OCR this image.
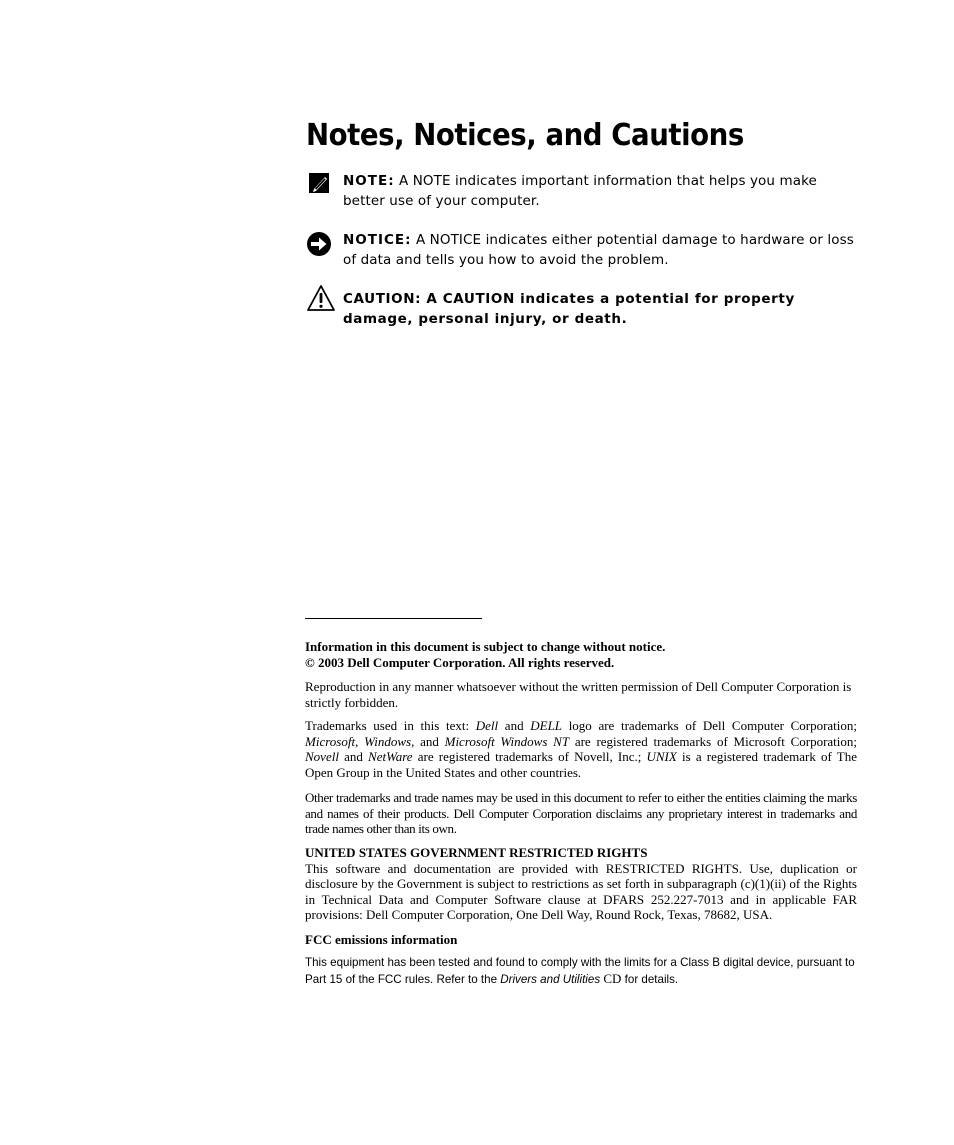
Notes, Notices, and Cautions
NOTE: A NOTE indicates important information that helps you make better use of your computer.
NOTICE: A NOTICE indicates either potential damage to hardware or loss of data and tells you how to avoid the problem.
CAUTION: A CAUTION indicates a potential for property damage, personal injury, or death.

Information in this document is subject to change without notice.

© 2003 Dell Computer Corporation. All rights reserved.

Reproduction in any manner whatsoever without the written permission of Dell Computer Corporation is strictly forbidden.

Trademarks used in this text: Dell and DELL logo are trademarks of Dell Computer Corporation; Microsoft, Windows, and Microsoft Windows NT are registered trademarks of Microsoft Corporation; Novell and NetWare are registered trademarks of Novell, Inc.; UNIX is a registered trademark of The Open Group in the United States and other countries.

Other trademarks and trade names may be used in this document to refer to either the entities claiming the marks and names of their products. Dell Computer Corporation disclaims any proprietary interest in trademarks and trade names other than its own.

UNITED STATES GOVERNMENT RESTRICTED RIGHTS

This software and documentation are provided with RESTRICTED RIGHTS. Use, duplication or disclosure by the Government is subject to restrictions as set forth in subparagraph (c)(1)(ii) of the Rights in Technical Data and Computer Software clause at DFARS 252.227-7013 and in applicable FAR provisions: Dell Computer Corporation, One Dell Way, Round Rock, Texas, 78682, USA.

FCC emissions information

This equipment has been tested and found to comply with the limits for a Class B digital device, pursuant to Part 15 of the FCC rules. Refer to the Drivers and Utilities CD for details.
